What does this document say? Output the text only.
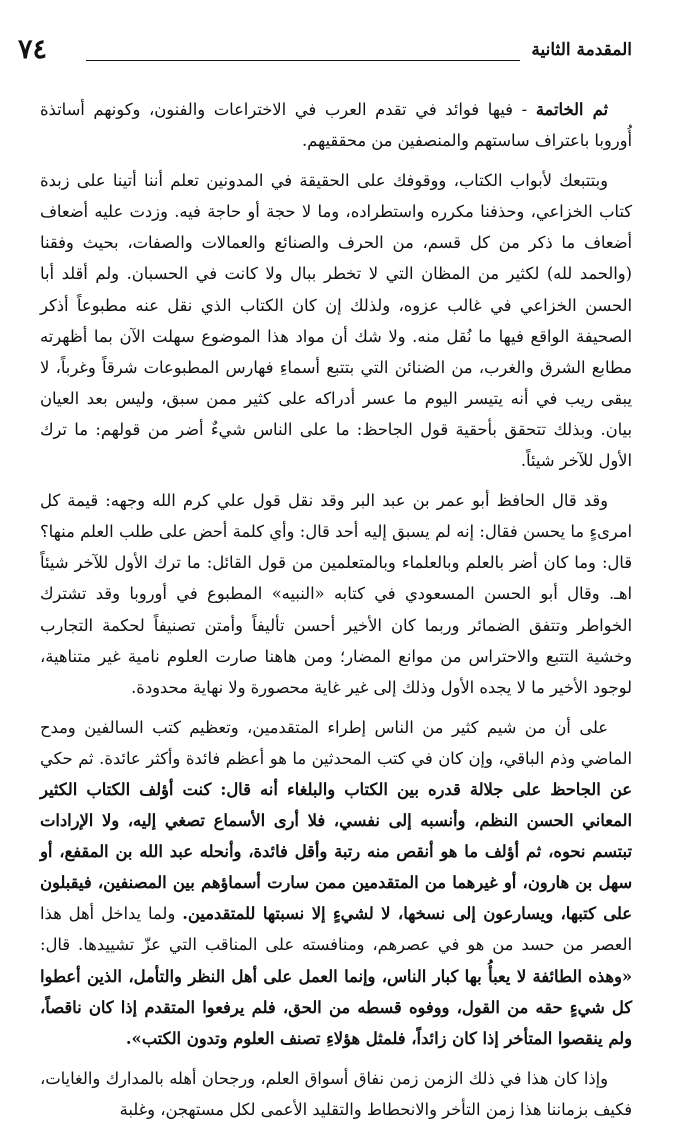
٧٤	المقدمة الثانية

ثم الخاتمة - فيها فوائد في تقدم العرب في الاختراعات والفنون، وكونهم أساتذة أُوروبا باعتراف ساستهم والمنصفين من محققيهم.

وبتتبعك لأبواب الكتاب، ووقوفك على الحقيقة في المدونين تعلم أننا أتينا على زبدة كتاب الخزاعي، وحذفنا مكرره واستطراده، وما لا حجة أو حاجة فيه. وزدت عليه أضعاف أضعاف ما ذكر من كل قسم، من الحرف والصنائع والعمالات والصفات، بحيث وفقنا (والحمد لله) لكثير من المظان التي لا تخطر ببال ولا كانت في الحسبان. ولم أقلد أبا الحسن الخزاعي في غالب عزوه، ولذلك إن كان الكتاب الذي نقل عنه مطبوعاً أذكر الصحيفة الواقع فيها ما نُقل منه. ولا شك أن مواد هذا الموضوع سهلت الآن بما أظهرته مطابع الشرق والغرب، من الضنائن التي بتتبع أسماءِ فهارس المطبوعات شرقاً وغرباً، لا يبقى ريب في أنه يتيسر اليوم ما عسر أدراكه على كثير ممن سبق، وليس بعد العيان بيان. وبذلك تتحقق بأحقية قول الجاحظ: ما على الناس شيءٌ أضر من قولهم: ما ترك الأول للآخر شيئاً.

وقد قال الحافظ أبو عمر بن عبد البر وقد نقل قول علي كرم الله وجهه: قيمة كل امرىءٍ ما يحسن فقال: إنه لم يسبق إليه أحد قال: وأي كلمة أحض على طلب العلم منها؟ قال: وما كان أضر بالعلم وبالعلماء وبالمتعلمين من قول القائل: ما ترك الأول للآخر شيئاً اهـ. وقال أبو الحسن المسعودي في كتابه «النبيه» المطبوع في أوروبا وقد تشترك الخواطر وتتفق الضمائر وربما كان الأخير أحسن تأليفاً وأمتن تصنيفاً لحكمة التجارب وخشية التتبع والاحتراس من موانع المضار؛ ومن هاهنا صارت العلوم نامية غير متناهية، لوجود الأخير ما لا يجده الأول وذلك إلى غير غاية محصورة ولا نهاية محدودة.

على أن من شيم كثير من الناس إطراء المتقدمين، وتعظيم كتب السالفين ومدح الماضي وذم الباقي، وإن كان في كتب المحدثين ما هو أعظم فائدة وأكثر عائدة. ثم حكي عن الجاحظ على جلالة قدره بين الكتاب والبلغاء أنه قال: كنت أؤلف الكتاب الكثير المعاني الحسن النظم، وأنسبه إلى نفسي، فلا أرى الأسماع تصغي إليه، ولا الإرادات تبتسم نحوه، ثم أؤلف ما هو أنقص منه رتبة وأقل فائدة، وأنحله عبد الله بن المقفع، أو سهل بن هارون، أو غيرهما من المتقدمين ممن سارت أسماؤهم بين المصنفين، فيقبلون على كتبها، ويسارعون إلى نسخها، لا لشيءٍ إلا نسبتها للمتقدمين. ولما يداخل أهل هذا العصر من حسد من هو في عصرهم، ومنافسته على المناقب التي عزّ تشييدها. قال: «وهذه الطائفة لا يعبأُ بها كبار الناس، وإنما العمل على أهل النظر والتأمل، الذين أعطوا كل شيءٍ حقه من القول، ووفوه قسطه من الحق، فلم يرفعوا المتقدم إذا كان ناقصاً، ولم ينقصوا المتأخر إذا كان زائداً، فلمثل هؤلاءِ تصنف العلوم وتدون الكتب».

وإذا كان هذا في ذلك الزمن زمن نفاق أسواق العلم، ورجحان أهله بالمدارك والغايات، فكيف بزماننا هذا زمن التأخر والانحطاط والتقليد الأعمى لكل مستهجن، وغلبة
